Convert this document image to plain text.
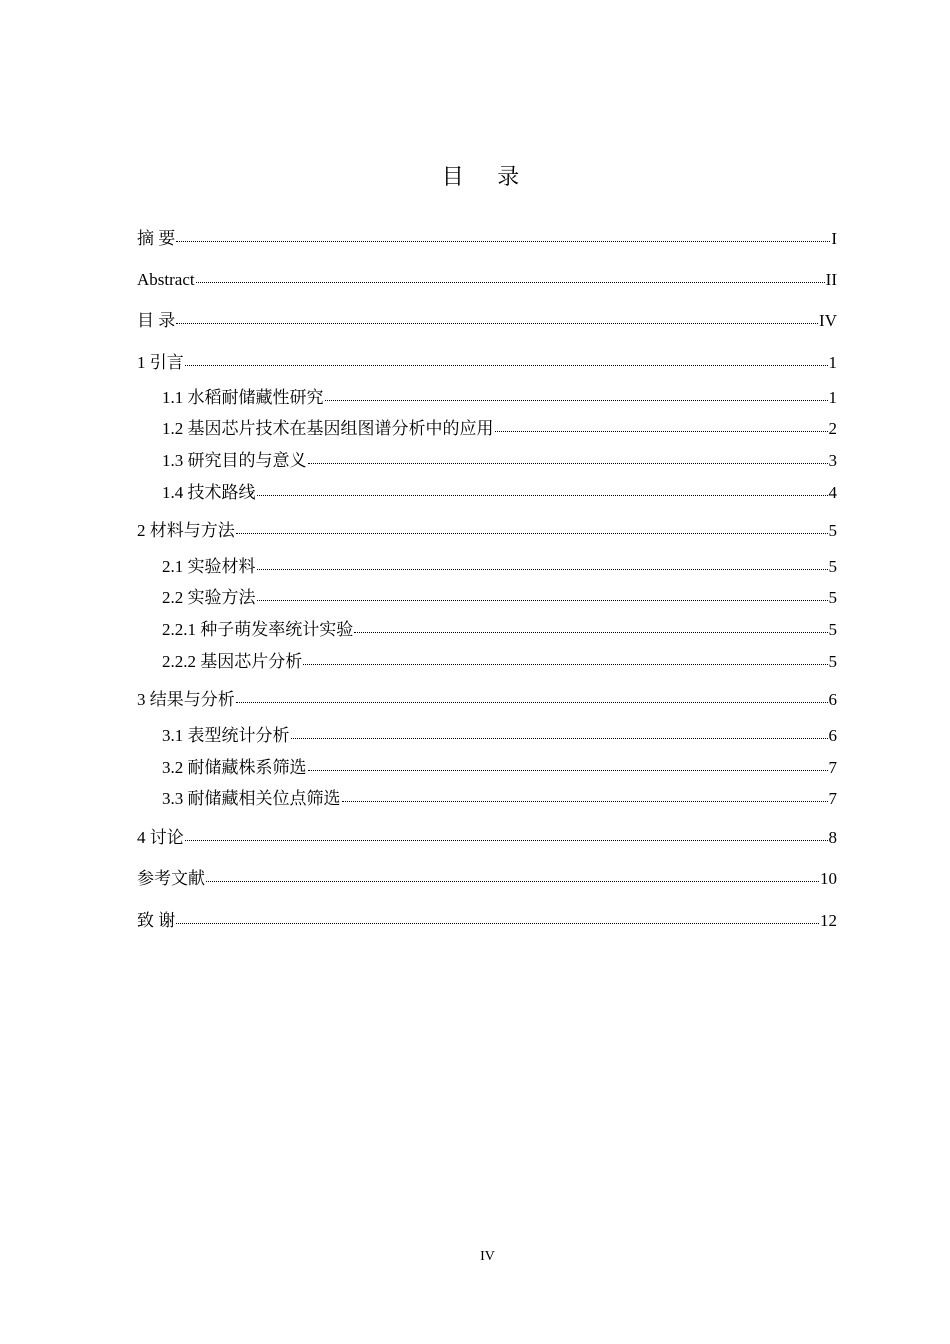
目 录
摘 要	I
Abstract	II
目 录	IV
1 引言	1
1.1 水稻耐储藏性研究	1
1.2 基因芯片技术在基因组图谱分析中的应用	2
1.3 研究目的与意义	3
1.4 技术路线	4
2 材料与方法	5
2.1 实验材料	5
2.2 实验方法	5
2.2.1 种子萌发率统计实验	5
2.2.2 基因芯片分析	5
3 结果与分析	6
3.1 表型统计分析	6
3.2 耐储藏株系筛选	7
3.3 耐储藏相关位点筛选	7
4 讨论	8
参考文献	10
致 谢	12
IV
